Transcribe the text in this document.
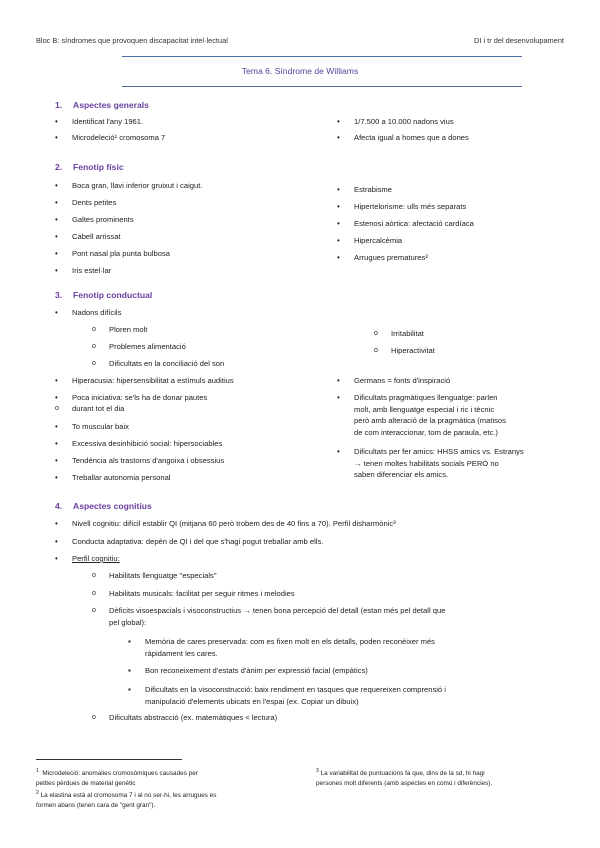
Bloc B: síndromes que provoquen discapacitat intel·lectual	DI i tr del desenvolupament
Tema 6. Síndrome de Williams
1. Aspectes generals
• Identificat l'any 1961.
• Microdeleció¹ cromosoma 7
• 1/7.500 a 10.000 nadons vius
• Afecta igual a homes que a dones
2. Fenotip físic
• Boca gran, llavi inferior gruixut i caigut.
• Dents petites
• Galtes prominents
• Cabell arrissat
• Pont nasal pla punta bulbosa
• Iris estel·lar
• Estrabisme
• Hipertelorisme: ulls més separats
• Estenosi aòrtica: afectació cardíaca
• Hipercalcèmia
• Arrugues prematures²
3. Fenotip conductual
• Nadons difícils
o Ploren molt
o Problemes alimentació
o Dificultats en la conciliació del son
o Irritabilitat
o Hiperactivitat
• Hiperacusia: hipersensibilitat a estímuls auditius
• Poca iniciativa: se'ls ha de donar pautes
o durant tot el dia
• To muscular baix
• Excessiva desinhibició social: hipersociables
• Tendència als trastorns d'angoixa i obsessius
• Treballar autonomia personal
• Germans = fonts d'inspiració
• Dificultats pragmàtiques llenguatge: parlen
molt, amb llenguatge especial i ric i tècnic
però amb alteració de la pragmàtica (matisos
de com interaccionar, tom de paraula, etc.)
• Dificultats per fer amics: HHSS amics vs. Estranys
→ tenen moltes habilitats socials PERÒ no
saben diferenciar els amics.
4. Aspectes cognitius
• Nivell cognitiu: difícil establir QI (mitjana 60 però trobem des de 40 fins a 70). Perfil disharmònic³
• Conducta adaptativa: depèn de QI i del que s'hagi pogut treballar amb ells.
• Perfil cognitiu:
o Habilitats llenguatge "especials"
o Habilitats musicals: facilitat per seguir ritmes i melodies
o Dèficits visoespacials i visoconstructius → tenen bona percepció del detall (estan més pel detall que
pel global):
▪ Memòria de cares preservada: com es fixen molt en els detalls, poden reconèixer més
ràpidament les cares.
▪ Bon reconeixement d'estats d'ànim per expressió facial (empàtics)
▪ Dificultats en la visoconstrucció: baix rendiment en tasques que requereixen comprensió i
manipulació d'elements ubicats en l'espai (ex. Copiar un dibuix)
o Dificultats abstracció (ex. matemàtiques < lectura)
$^1$ Microdeleció: anomalies cromosòmiques causades per
petites pèrdues de material genètic
$^2$ La elastina està al cromosoma 7 i al no ser-hi, les arrugues es
formen abans (tenen cara de "gent gran").
$^3$ La variabilitat de puntuacions fa que, dins de la sd, hi hagi
persones molt diferents (amb aspectes en comú i diferències).
